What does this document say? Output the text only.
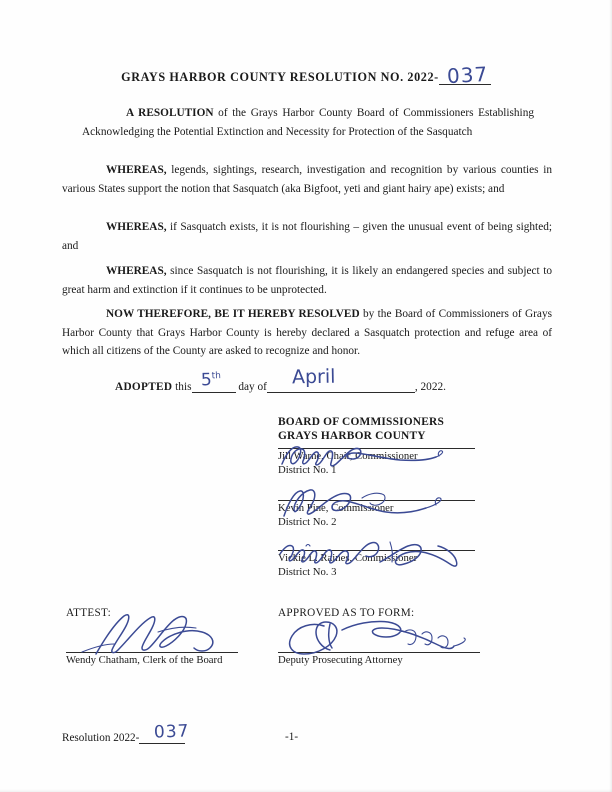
GRAYS HARBOR COUNTY RESOLUTION NO. 2022- 037

A RESOLUTION of the Grays Harbor County Board of Commissioners Establishing Acknowledging the Potential Extinction and Necessity for Protection of the Sasquatch

WHEREAS, legends, sightings, research, investigation and recognition by various counties in various States support the notion that Sasquatch (aka Bigfoot, yeti and giant hairy ape) exists; and

WHEREAS, if Sasquatch exists, it is not flourishing – given the unusual event of being sighted; and

WHEREAS, since Sasquatch is not flourishing, it is likely an endangered species and subject to great harm and extinction if it continues to be unprotected.

NOW THEREFORE, BE IT HEREBY RESOLVED by the Board of Commissioners of Grays Harbor County that Grays Harbor County is hereby declared a Sasquatch protection and refuge area of which all citizens of the County are asked to recognize and honor.

ADOPTED this	day of	, 2022.
5th	April
BOARD OF COMMISSIONERS
GRAYS HARBOR COUNTY
Jill Warne, Chair, Commissioner
District No. 1
Kevin Pine, Commissioner
District No. 2
Vickie L. Raines, Commissioner
District No. 3
ATTEST:
Wendy Chatham, Clerk of the Board
APPROVED AS TO FORM:
Deputy Prosecuting Attorney
Resolution 2022- 037	-1-
